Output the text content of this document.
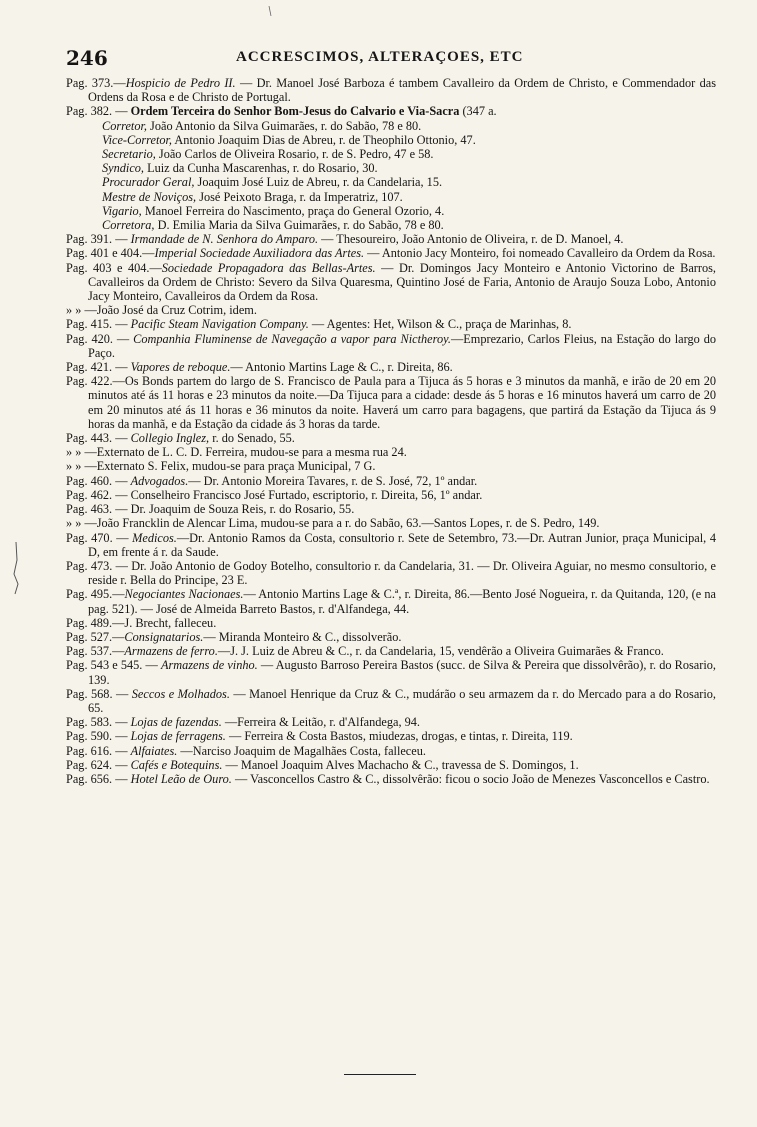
246	ACCRESCIMOS, ALTERAÇOES, ETC

Pag. 373.—Hospicio de Pedro II. — Dr. Manoel José Barboza é tambem Cavalleiro da Ordem de Christo, e Commendador das Ordens da Rosa e de Christo de Portugal.

Pag. 382. — Ordem Terceira do Senhor Bom-Jesus do Calvario e Via-Sacra (347 a.

Corretor, João Antonio da Silva Guimarães, r. do Sabão, 78 e 80.

Vice-Corretor, Antonio Joaquim Dias de Abreu, r. de Theophilo Ottonio, 47.

Secretario, João Carlos de Oliveira Rosario, r. de S. Pedro, 47 e 58.

Syndico, Luiz da Cunha Mascarenhas, r. do Rosario, 30.

Procurador Geral, Joaquim José Luiz de Abreu, r. da Candelaria, 15.

Mestre de Noviços, José Peixoto Braga, r. da Imperatriz, 107.

Vigario, Manoel Ferreira do Nascimento, praça do General Ozorio, 4.

Corretora, D. Emilia Maria da Silva Guimarães, r. do Sabão, 78 e 80.

Pag. 391. — Irmandade de N. Senhora do Amparo. — Thesoureiro, João Antonio de Oliveira, r. de D. Manoel, 4.

Pag. 401 e 404.—Imperial Sociedade Auxiliadora das Artes. — Antonio Jacy Monteiro, foi nomeado Cavalleiro da Ordem da Rosa.

Pag. 403 e 404.—Sociedade Propagadora das Bellas-Artes. — Dr. Domingos Jacy Monteiro e Antonio Victorino de Barros, Cavalleiros da Ordem de Christo: Severo da Silva Quaresma, Quintino José de Faria, Antonio de Araujo Souza Lobo, Antonio Jacy Monteiro, Cavalleiros da Ordem da Rosa.

» » —João José da Cruz Cotrim, idem.

Pag. 415. — Pacific Steam Navigation Company. — Agentes: Het, Wilson & C., praça de Marinhas, 8.

Pag. 420. — Companhia Fluminense de Navegação a vapor para Nictheroy.—Emprezario, Carlos Fleius, na Estação do largo do Paço.

Pag. 421. — Vapores de reboque.— Antonio Martins Lage & C., r. Direita, 86.

Pag. 422.—Os Bonds partem do largo de S. Francisco de Paula para a Tijuca ás 5 horas e 3 minutos da manhã, e irão de 20 em 20 minutos até ás 11 horas e 23 minutos da noite.—Da Tijuca para a cidade: desde ás 5 horas e 16 minutos haverá um carro de 20 em 20 minutos até ás 11 horas e 36 minutos da noite. Haverá um carro para bagagens, que partirá da Estação da Tijuca ás 9 horas da manhã, e da Estação da cidade ás 3 horas da tarde.

Pag. 443. — Collegio Inglez, r. do Senado, 55.

» » —Externato de L. C. D. Ferreira, mudou-se para a mesma rua 24.

» » —Externato S. Felix, mudou-se para praça Municipal, 7 G.

Pag. 460. — Advogados.— Dr. Antonio Moreira Tavares, r. de S. José, 72, 1º andar.

Pag. 462. — Conselheiro Francisco José Furtado, escriptorio, r. Direita, 56, 1º andar.

Pag. 463. — Dr. Joaquim de Souza Reis, r. do Rosario, 55.

» » —João Francklin de Alencar Lima, mudou-se para a r. do Sabão, 63.—Santos Lopes, r. de S. Pedro, 149.

Pag. 470. — Medicos.—Dr. Antonio Ramos da Costa, consultorio r. Sete de Setembro, 73.—Dr. Autran Junior, praça Municipal, 4 D, em frente á r. da Saude.

Pag. 473. — Dr. João Antonio de Godoy Botelho, consultorio r. da Candelaria, 31. — Dr. Oliveira Aguiar, no mesmo consultorio, e reside r. Bella do Principe, 23 E.

Pag. 495.—Negociantes Nacionaes.— Antonio Martins Lage & C.ª, r. Direita, 86.—Bento José Nogueira, r. da Quitanda, 120, (e na pag. 521). — José de Almeida Barreto Bastos, r. d'Alfandega, 44.

Pag. 489.—J. Brecht, falleceu.

Pag. 527.—Consignatarios.— Miranda Monteiro & C., dissolverão.

Pag. 537.—Armazens de ferro.—J. J. Luiz de Abreu & C., r. da Candelaria, 15, vendêrão a Oliveira Guimarães & Franco.

Pag. 543 e 545. — Armazens de vinho. — Augusto Barroso Pereira Bastos (succ. de Silva & Pereira que dissolvêrão), r. do Rosario, 139.

Pag. 568. — Seccos e Molhados. — Manoel Henrique da Cruz & C., mudárão o seu armazem da r. do Mercado para a do Rosario, 65.

Pag. 583. — Lojas de fazendas. —Ferreira & Leitão, r. d'Alfandega, 94.

Pag. 590. — Lojas de ferragens. — Ferreira & Costa Bastos, miudezas, drogas, e tintas, r. Direita, 119.

Pag. 616. — Alfaiates. —Narciso Joaquim de Magalhães Costa, falleceu.

Pag. 624. — Cafés e Botequins. — Manoel Joaquim Alves Machacho & C., travessa de S. Domingos, 1.

Pag. 656. — Hotel Leão de Ouro. — Vasconcellos Castro & C., dissolvêrão: ficou o socio João de Menezes Vasconcellos e Castro.
